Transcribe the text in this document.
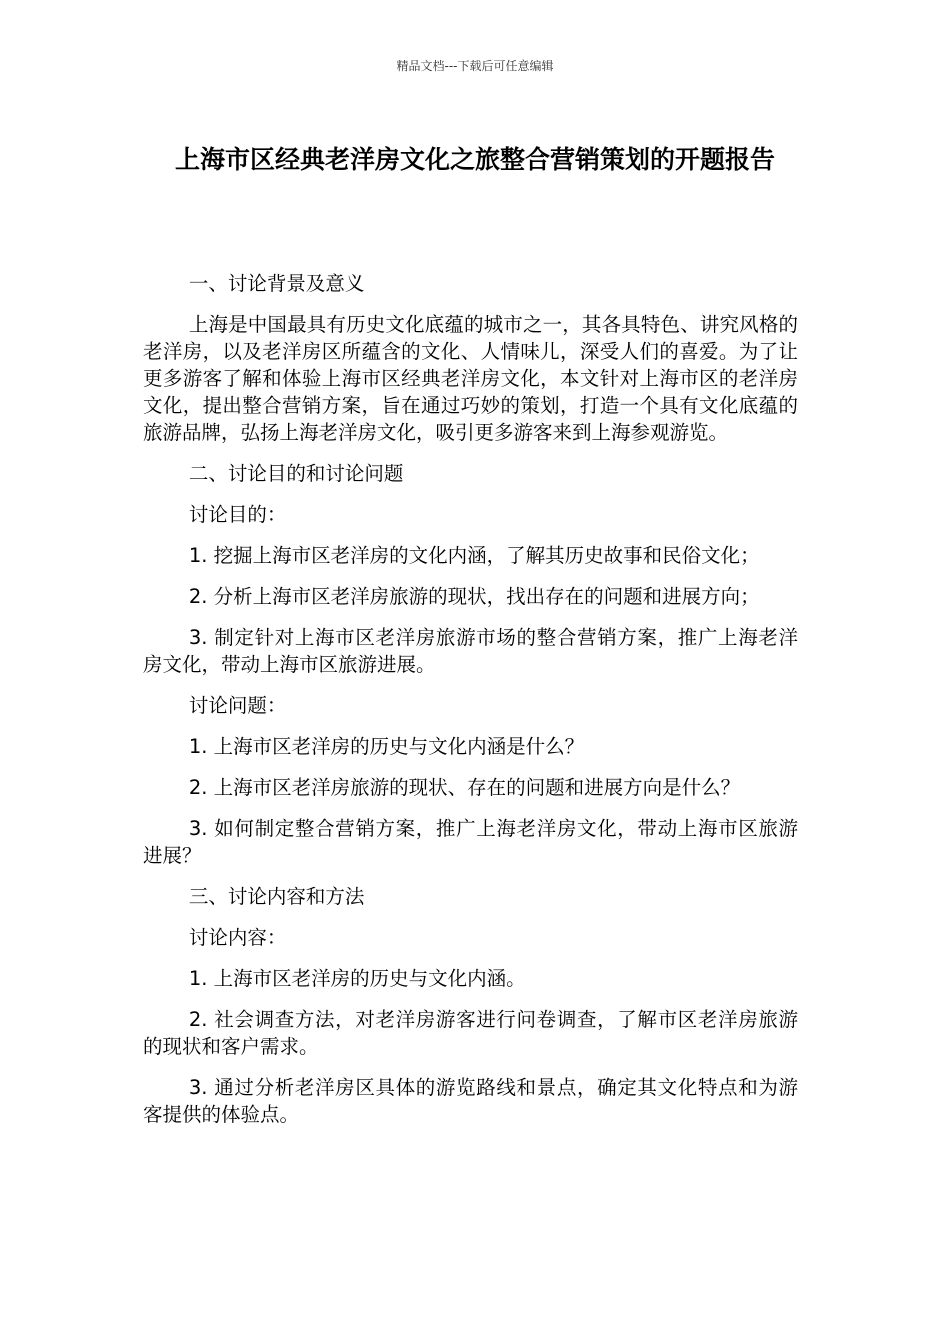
精品文档---下载后可任意编辑
上海市区经典老洋房文化之旅整合营销策划的开题报告

一、讨论背景及意义

上海是中国最具有历史文化底蕴的城市之一，其各具特色、讲究风格的老洋房，以及老洋房区所蕴含的文化、人情味儿，深受人们的喜爱。为了让更多游客了解和体验上海市区经典老洋房文化，本文针对上海市区的老洋房文化，提出整合营销方案，旨在通过巧妙的策划，打造一个具有文化底蕴的旅游品牌，弘扬上海老洋房文化，吸引更多游客来到上海参观游览。

二、讨论目的和讨论问题

讨论目的：

1. 挖掘上海市区老洋房的文化内涵，了解其历史故事和民俗文化；

2. 分析上海市区老洋房旅游的现状，找出存在的问题和进展方向；

3. 制定针对上海市区老洋房旅游市场的整合营销方案，推广上海老洋房文化，带动上海市区旅游进展。

讨论问题：

1. 上海市区老洋房的历史与文化内涵是什么？

2. 上海市区老洋房旅游的现状、存在的问题和进展方向是什么？

3. 如何制定整合营销方案，推广上海老洋房文化，带动上海市区旅游进展？

三、讨论内容和方法

讨论内容：

1. 上海市区老洋房的历史与文化内涵。

2. 社会调查方法，对老洋房游客进行问卷调查，了解市区老洋房旅游的现状和客户需求。

3. 通过分析老洋房区具体的游览路线和景点，确定其文化特点和为游客提供的体验点。
